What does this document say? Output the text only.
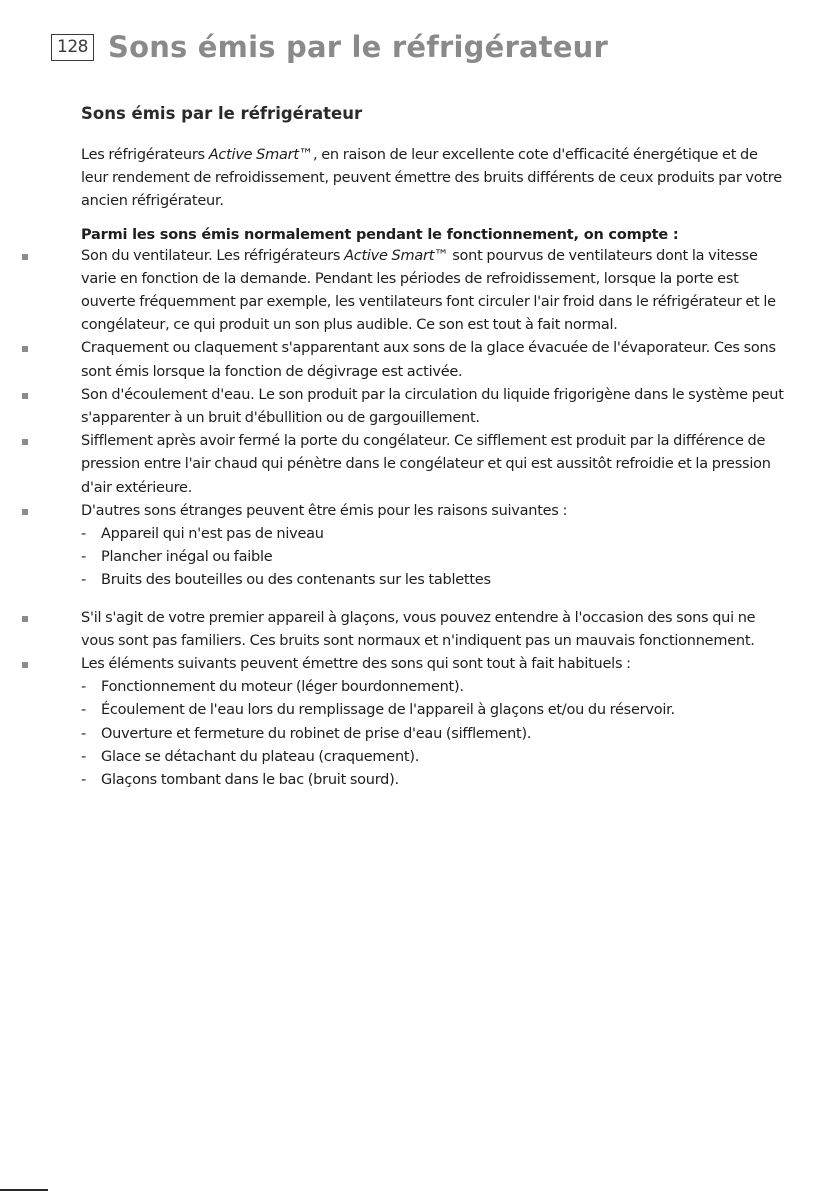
128 Sons émis par le réfrigérateur
Sons émis par le réfrigérateur

Les réfrigérateurs Active Smart™, en raison de leur excellente cote d'efficacité énergétique et de leur rendement de refroidissement, peuvent émettre des bruits différents de ceux produits par votre ancien réfrigérateur.

Parmi les sons émis normalement pendant le fonctionnement, on compte :
Son du ventilateur. Les réfrigérateurs Active Smart™ sont pourvus de ventilateurs dont la vitesse varie en fonction de la demande. Pendant les périodes de refroidissement, lorsque la porte est ouverte fréquemment par exemple, les ventilateurs font circuler l'air froid dans le réfrigérateur et le congélateur, ce qui produit un son plus audible. Ce son est tout à fait normal.
Craquement ou claquement s'apparentant aux sons de la glace évacuée de l'évaporateur. Ces sons sont émis lorsque la fonction de dégivrage est activée.
Son d'écoulement d'eau. Le son produit par la circulation du liquide frigorigène dans le système peut s'apparenter à un bruit d'ébullition ou de gargouillement.
Sifflement après avoir fermé la porte du congélateur. Ce sifflement est produit par la différence de pression entre l'air chaud qui pénètre dans le congélateur et qui est aussitôt refroidie et la pression d'air extérieure.
D'autres sons étranges peuvent être émis pour les raisons suivantes :
- Appareil qui n'est pas de niveau
- Plancher inégal ou faible
- Bruits des bouteilles ou des contenants sur les tablettes
S'il s'agit de votre premier appareil à glaçons, vous pouvez entendre à l'occasion des sons qui ne vous sont pas familiers. Ces bruits sont normaux et n'indiquent pas un mauvais fonctionnement.
Les éléments suivants peuvent émettre des sons qui sont tout à fait habituels :
- Fonctionnement du moteur (léger bourdonnement).
- Écoulement de l'eau lors du remplissage de l'appareil à glaçons et/ou du réservoir.
- Ouverture et fermeture du robinet de prise d'eau (sifflement).
- Glace se détachant du plateau (craquement).
- Glaçons tombant dans le bac (bruit sourd).
